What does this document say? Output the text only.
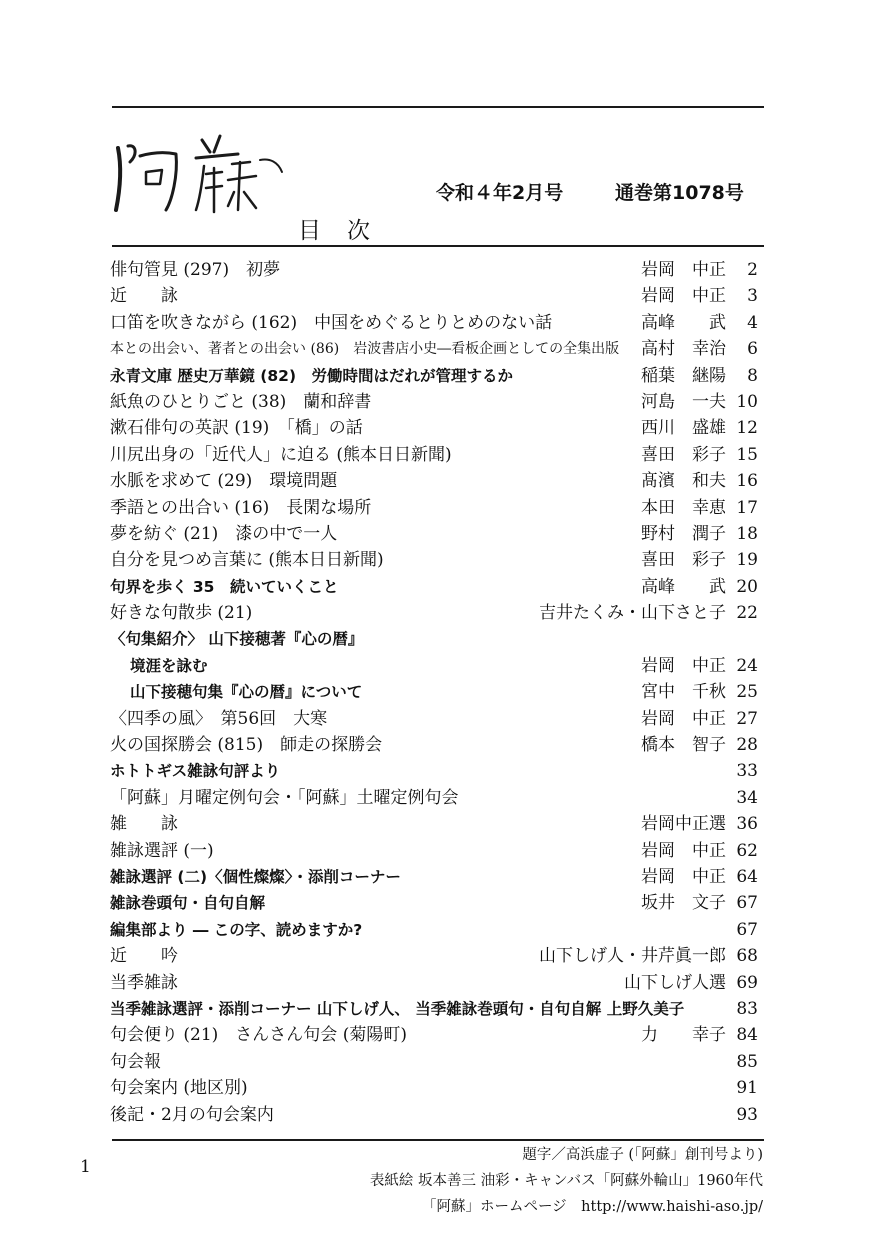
令和４年2月号	通巻第1078号
目次
俳句管見 (297)　初夢	岩岡　中正	2
近　　詠	岩岡　中正	3
口笛を吹きながら (162)　中国をめぐるとりとめのない話	高峰　　武	4
本との出会い、著者との出会い (86)　岩波書店小史―看板企画としての全集出版 高村　幸治	6
永青文庫 歴史万華鏡 (82)　労働時間はだれが管理するか	稲葉　継陽	8
紙魚のひとりごと (38)　蘭和辞書	河島　一夫 10
漱石俳句の英訳 (19)　「橋」の話	西川　盛雄 12
川尻出身の「近代人」に迫る (熊本日日新聞)	喜田　彩子 15
水脈を求めて (29)　環境問題	髙濱　和夫 16
季語との出合い (16)　長閑な場所	本田　幸恵 17
夢を紡ぐ (21)　漆の中で一人	野村　潤子 18
自分を見つめ言葉に (熊本日日新聞)	喜田　彩子 19
句界を歩く 35　続いていくこと	高峰　　武 20
好きな句散歩 (21)	吉井たくみ・山下さと子 22
〈句集紹介〉 山下接穂著『心の暦』
境涯を詠む	岩岡　中正 24
山下接穂句集『心の暦』について	宮中　千秋 25
〈四季の風〉　第56回　大寒	岩岡　中正 27
火の国探勝会 (815)　師走の探勝会	橋本　智子 28
ホトトギス雑詠句評より	33
「阿蘇」月曜定例句会・「阿蘇」土曜定例句会	34
雑　　詠	岩岡中正選 36
雑詠選評 (一)	岩岡　中正 62
雑詠選評 (二)〈個性燦燦〉・添削コーナー	岩岡　中正 64
雑詠巻頭句・自句自解	坂井　文子 67
編集部より ― この字、読めますか?	67
近　　吟	山下しげ人・井芹眞一郎 68
当季雑詠	山下しげ人選 69
当季雑詠選評・添削コーナー 山下しげ人、 当季雑詠巻頭句・自句自解 上野久美子	83
句会便り (21)　さんさん句会 (菊陽町)	力　　幸子 84
句会報	85
句会案内 (地区別)	91
後記・2月の句会案内	93
1
題字／高浜虚子 (「阿蘇」創刊号より)
表紙絵 坂本善三 油彩・キャンバス「阿蘇外輪山」1960年代
「阿蘇」ホームページ　http://www.haishi-aso.jp/
